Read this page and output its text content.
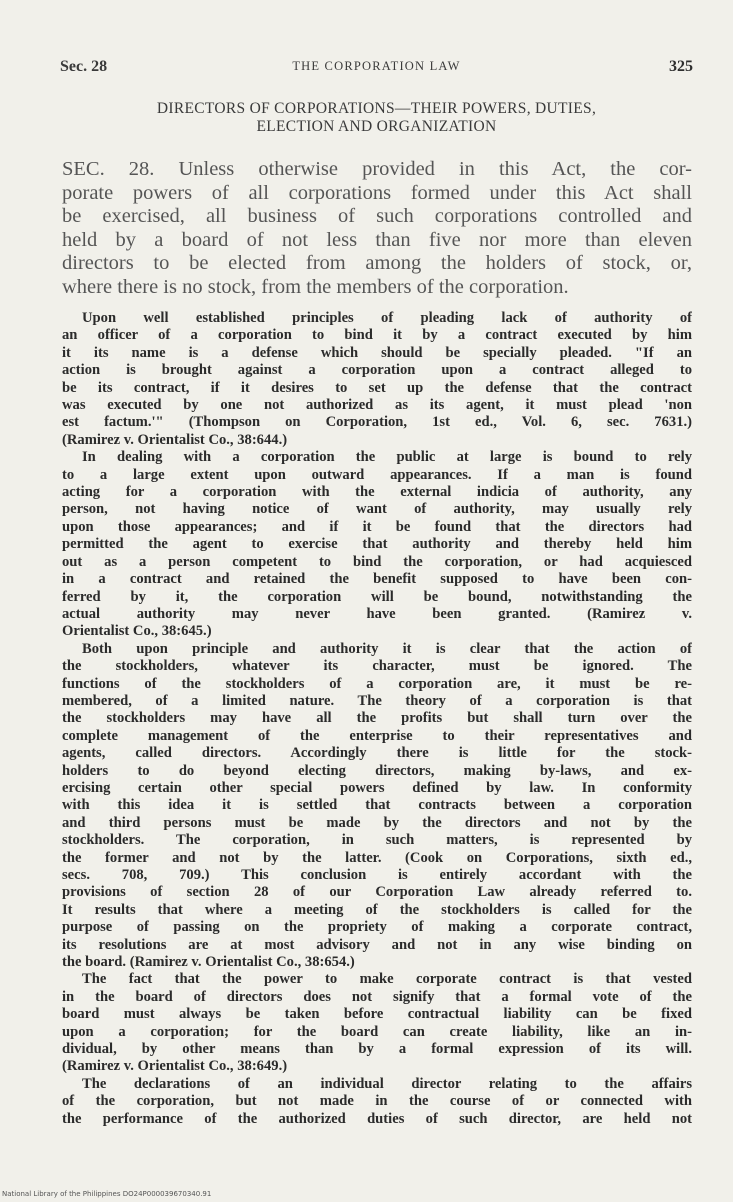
Sec. 28	THE CORPORATION LAW	325
DIRECTORS OF CORPORATIONS—THEIR POWERS, DUTIES,
ELECTION AND ORGANIZATION
SEC. 28. Unless otherwise provided in this Act, the cor-
porate powers of all corporations formed under this Act shall
be exercised, all business of such corporations controlled and
held by a board of not less than five nor more than eleven
directors to be elected from among the holders of stock, or,
where there is no stock, from the members of the corporation.
Upon well established principles of pleading lack of authority of
an officer of a corporation to bind it by a contract executed by him
it its name is a defense which should be specially pleaded. "If an
action is brought against a corporation upon a contract alleged to
be its contract, if it desires to set up the defense that the contract
was executed by one not authorized as its agent, it must plead 'non
est factum.'" (Thompson on Corporation, 1st ed., Vol. 6, sec. 7631.)
(Ramirez v. Orientalist Co., 38:644.)
In dealing with a corporation the public at large is bound to rely
to a large extent upon outward appearances. If a man is found
acting for a corporation with the external indicia of authority, any
person, not having notice of want of authority, may usually rely
upon those appearances; and if it be found that the directors had
permitted the agent to exercise that authority and thereby held him
out as a person competent to bind the corporation, or had acquiesced
in a contract and retained the benefit supposed to have been con-
ferred by it, the corporation will be bound, notwithstanding the
actual authority may never have been granted. (Ramirez v.
Orientalist Co., 38:645.)
Both upon principle and authority it is clear that the action of
the stockholders, whatever its character, must be ignored. The
functions of the stockholders of a corporation are, it must be re-
membered, of a limited nature. The theory of a corporation is that
the stockholders may have all the profits but shall turn over the
complete management of the enterprise to their representatives and
agents, called directors. Accordingly there is little for the stock-
holders to do beyond electing directors, making by-laws, and ex-
ercising certain other special powers defined by law. In conformity
with this idea it is settled that contracts between a corporation
and third persons must be made by the directors and not by the
stockholders. The corporation, in such matters, is represented by
the former and not by the latter. (Cook on Corporations, sixth ed.,
secs. 708, 709.) This conclusion is entirely accordant with the
provisions of section 28 of our Corporation Law already referred to.
It results that where a meeting of the stockholders is called for the
purpose of passing on the propriety of making a corporate contract,
its resolutions are at most advisory and not in any wise binding on
the board. (Ramirez v. Orientalist Co., 38:654.)
The fact that the power to make corporate contract is that vested
in the board of directors does not signify that a formal vote of the
board must always be taken before contractual liability can be fixed
upon a corporation; for the board can create liability, like an in-
dividual, by other means than by a formal expression of its will.
(Ramirez v. Orientalist Co., 38:649.)
The declarations of an individual director relating to the affairs
of the corporation, but not made in the course of or connected with
the performance of the authorized duties of such director, are held not
National Library of the Philippines DO24P000039670340.91
